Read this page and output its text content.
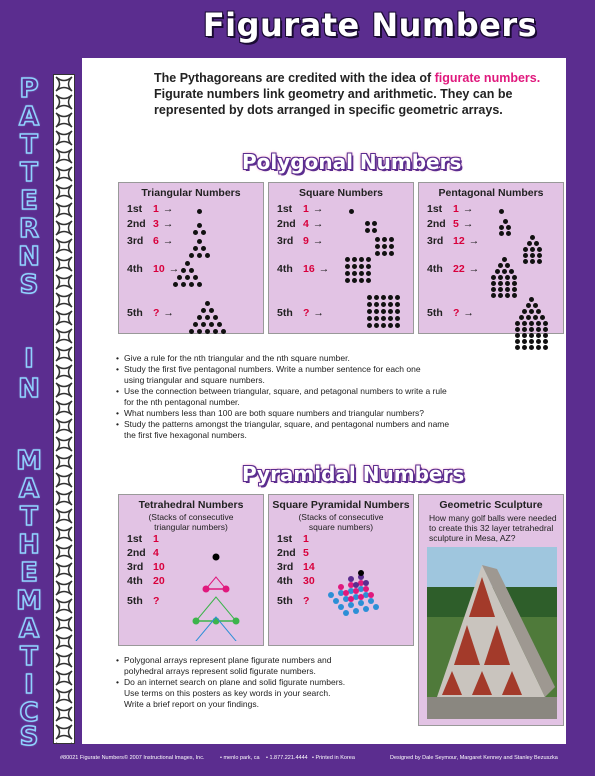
Figurate Numbers
P
A
T
T
E
R
N
S
I
N
M
A
T
H
E
M
A
T
I
C
S
The Pythagoreans are credited with the idea of figurate numbers. Figurate numbers link geometry and arithmetic. They can be represented by dots arranged in specific geometric arrays.
Polygonal Numbers
Triangular Numbers
1st 1 →
2nd 3 →
3rd 6 →
4th 10 →
5th ? →
Square Numbers
1st 1 →
2nd 4 →
3rd 9 →
4th 16 →
5th ? →
Pentagonal Numbers
1st 1 →
2nd 5 →
3rd 12 →
4th 22 →
5th ? →
• Give a rule for the nth triangular and the nth square number.
• Study the first five pentagonal numbers. Write a number sentence for each one
using triangular and square numbers.
• Use the connection between triangular, square, and petagonal numbers to write a rule
for the nth pentagonal number.
• What numbers less than 100 are both square numbers and triangular numbers?
• Study the patterns amongst the triangular, square, and pentagonal numbers and name
the first five hexagonal numbers.
Pyramidal Numbers
Tetrahedral Numbers
(Stacks of consecutive
triangular numbers)
1st 1
2nd 4
3rd 10
4th 20
5th ?
Square Pyramidal Numbers
(Stacks of consecutive
square numbers)
1st 1
2nd 5
3rd 14
4th 30
5th ?
Geometric Sculpture
How many golf balls were needed
to create this 32 layer tetrahedral
sculpture in Mesa, AZ?
• Polygonal arrays represent plane figurate numbers and
polyhedral arrays represent solid figurate numbers.
• Do an internet search on plane and solid figurate numbers.
Use terms on this posters as key words in your search.
Write a brief report on your findings.
#80021 Figurate Numbers © 2007 Instructional Images, Inc.	• menlo park, ca • 1.877.221.4444 • Printed in Korea	Designed by Dale Seymour, Margaret Kenney and Stanley Bezuszka
